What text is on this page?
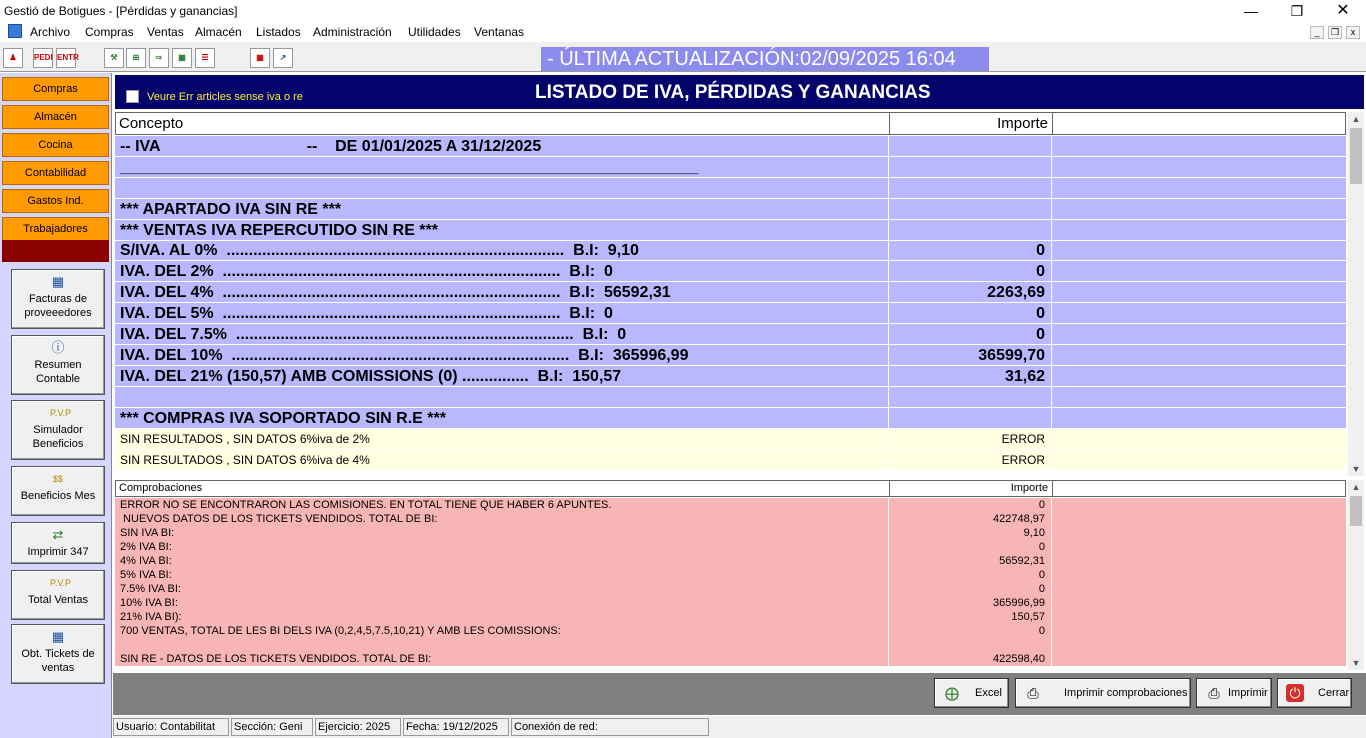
Gestió de Botigues - [Pérdidas y ganancias]	—	❐	✕
Archivo Compras Ventas Almacén Listados Administración Utilidades Ventanas	_	❐	x
♟	PEDI ENTR	⚒	⊞	⇨	▦	☰	▦	↗	- ÚLTIMA ACTUALIZACIÓN:02/09/2025 16:04
Compras
Almacén
Cocina
Contabilidad
Gastos Ind.
Trabajadores
▦
Facturas de proveeedores
ⓘ
Resumen Contable
P.V.P
Simulador Beneficios
$$
Beneficios Mes
⇄
Imprimir 347
P.V.P
Total Ventas
▦
Obt. Tickets de ventas
Veure Err articles sense iva o re	LISTADO DE IVA, PÉRDIDAS Y GANANCIAS
Concepto	Importe
-- IVA                                 --    DE 01/01/2025 A 31/12/2025
_________________________________________________________________
*** APARTADO IVA SIN RE ***
*** VENTAS IVA REPERCUTIDO SIN RE ***
S/IVA. AL 0%  ............................................................................  B.I:  9,10	0
IVA. DEL 2%  ............................................................................  B.I:  0	0
IVA. DEL 4%  ............................................................................  B.I:  56592,31	2263,69
IVA. DEL 5%  ............................................................................  B.I:  0	0
IVA. DEL 7.5%  ............................................................................  B.I:  0	0
IVA. DEL 10%  ............................................................................  B.I:  365996,99	36599,70
IVA. DEL 21% (150,57) AMB COMISSIONS (0) ...............  B.I:  150,57	31,62
*** COMPRAS IVA SOPORTADO SIN R.E ***
SIN RESULTADOS , SIN DATOS 6%iva de 2%	ERROR
SIN RESULTADOS , SIN DATOS 6%iva de 4%	ERROR
▲
▼
Comprobaciones	Importe
ERROR NO SE ENCONTRARON LAS COMISIONES. EN TOTAL TIENE QUE HABER 6 APUNTES.	0
NUEVOS DATOS DE LOS TICKETS VENDIDOS. TOTAL DE BI:	422748,97
SIN IVA BI:	9,10
2% IVA BI:	0
4% IVA BI:	56592,31
5% IVA BI:	0
7.5% IVA BI:	0
10% IVA BI:	365996,99
21% IVA BI):	150,57
700 VENTAS, TOTAL DE LES BI DELS IVA (0,2,4,5,7.5,10,21) Y AMB LES COMISSIONS:	0
SIN RE - DATOS DE LOS TICKETS VENDIDOS. TOTAL DE BI:	422598,40
▲
▼
⨁ Excel ⎙	Imprimir comprobaciones ⎙ Imprimir ⏻	Cerrar
Usuario: Contabilitat	Sección: Geni	Ejercicio: 2025	Fecha: 19/12/2025	Conexión de red:
